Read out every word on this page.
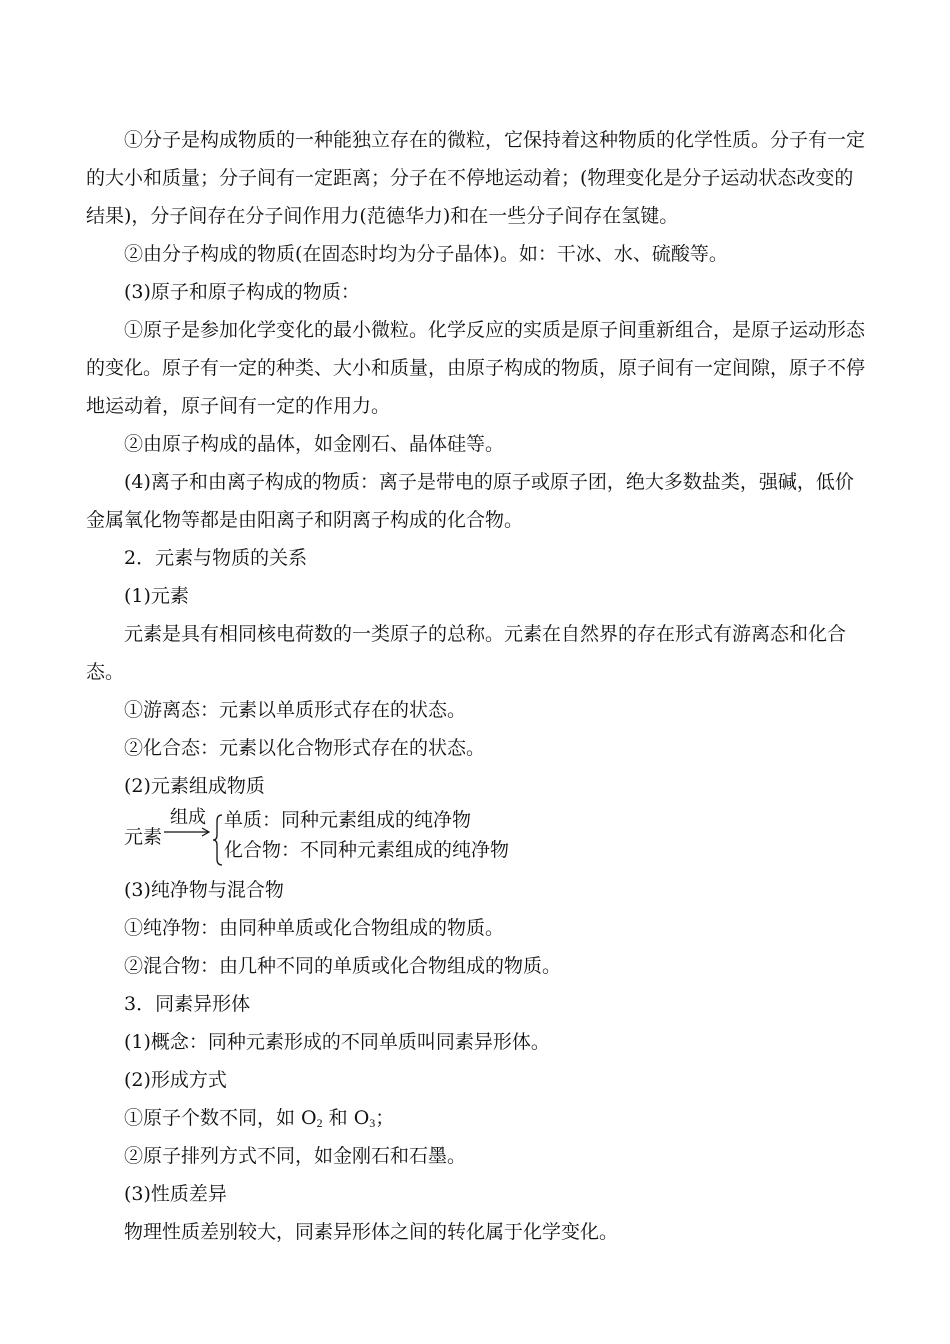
①分子是构成物质的一种能独立存在的微粒，它保持着这种物质的化学性质。分子有一定的大小和质量；分子间有一定距离；分子在不停地运动着；(物理变化是分子运动状态改变的结果)，分子间存在分子间作用力(范德华力)和在一些分子间存在氢键。

②由分子构成的物质(在固态时均为分子晶体)。如：干冰、水、硫酸等。

(3)原子和原子构成的物质：

①原子是参加化学变化的最小微粒。化学反应的实质是原子间重新组合，是原子运动形态的变化。原子有一定的种类、大小和质量，由原子构成的物质，原子间有一定间隙，原子不停地运动着，原子间有一定的作用力。

②由原子构成的晶体，如金刚石、晶体硅等。

(4)离子和由离子构成的物质：离子是带电的原子或原子团，绝大多数盐类，强碱，低价金属氧化物等都是由阳离子和阴离子构成的化合物。

2．元素与物质的关系

(1)元素

元素是具有相同核电荷数的一类原子的总称。元素在自然界的存在形式有游离态和化合态。

①游离态：元素以单质形式存在的状态。

②化合态：元素以化合物形式存在的状态。

(2)元素组成物质

元素
组成 单质：同种元素组成的纯净物
化合物：不同种元素组成的纯净物

(3)纯净物与混合物

①纯净物：由同种单质或化合物组成的物质。

②混合物：由几种不同的单质或化合物组成的物质。

3．同素异形体

(1)概念：同种元素形成的不同单质叫同素异形体。

(2)形成方式

①原子个数不同，如 $O_2$ 和 $O_3$；

②原子排列方式不同，如金刚石和石墨。

(3)性质差异

物理性质差别较大，同素异形体之间的转化属于化学变化。
